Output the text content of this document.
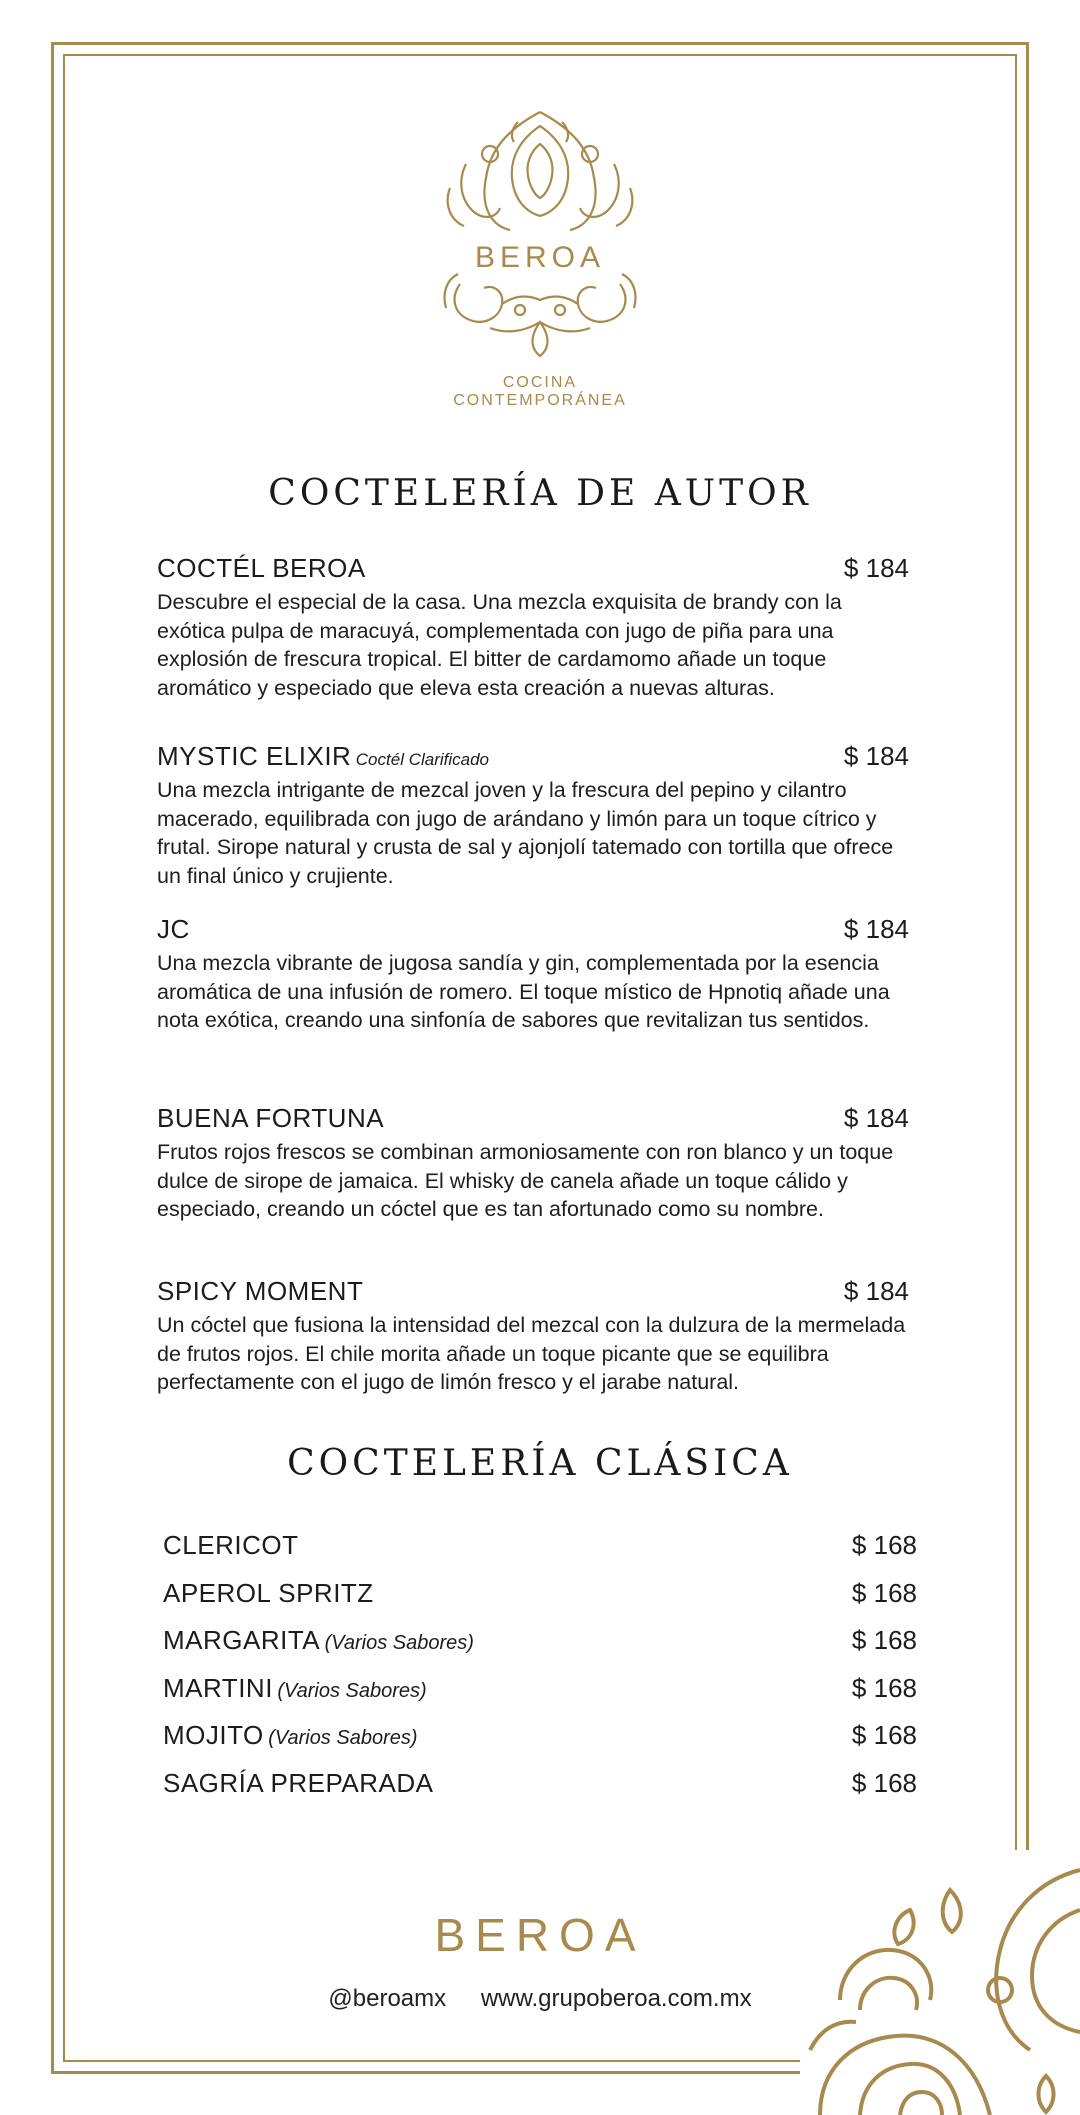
BEROA
COCINA
CONTEMPORÁNEA
COCTELERÍA DE AUTOR
COCTÉL BEROA	$ 184
Descubre el especial de la casa. Una mezcla exquisita de brandy con la exótica pulpa de maracuyá, complementada con jugo de piña para una explosión de frescura tropical. El bitter de cardamomo añade un toque aromático y especiado que eleva esta creación a nuevas alturas.
MYSTIC ELIXIR Coctél Clarificado	$ 184
Una mezcla intrigante de mezcal joven y la frescura del pepino y cilantro macerado, equilibrada con jugo de arándano y limón para un toque cítrico y frutal. Sirope natural y crusta de sal y ajonjolí tatemado con tortilla que ofrece un final único y crujiente.
JC	$ 184
Una mezcla vibrante de jugosa sandía y gin, complementada por la esencia aromática de una infusión de romero. El toque místico de Hpnotiq añade una nota exótica, creando una sinfonía de sabores que revitalizan tus sentidos.
BUENA FORTUNA	$ 184
Frutos rojos frescos se combinan armoniosamente con ron blanco y un toque dulce de sirope de jamaica. El whisky de canela añade un toque cálido y especiado, creando un cóctel que es tan afortunado como su nombre.
SPICY MOMENT	$ 184
Un cóctel que fusiona la intensidad del mezcal con la dulzura de la mermelada de frutos rojos. El chile morita añade un toque picante que se equilibra perfectamente con el jugo de limón fresco y el jarabe natural.
COCTELERÍA CLÁSICA
CLERICOT	$ 168
APEROL SPRITZ	$ 168
MARGARITA (Varios Sabores)	$ 168
MARTINI (Varios Sabores)	$ 168
MOJITO (Varios Sabores)	$ 168
SAGRÍA PREPARADA	$ 168
BEROA
@beroamx www.grupoberoa.com.mx
